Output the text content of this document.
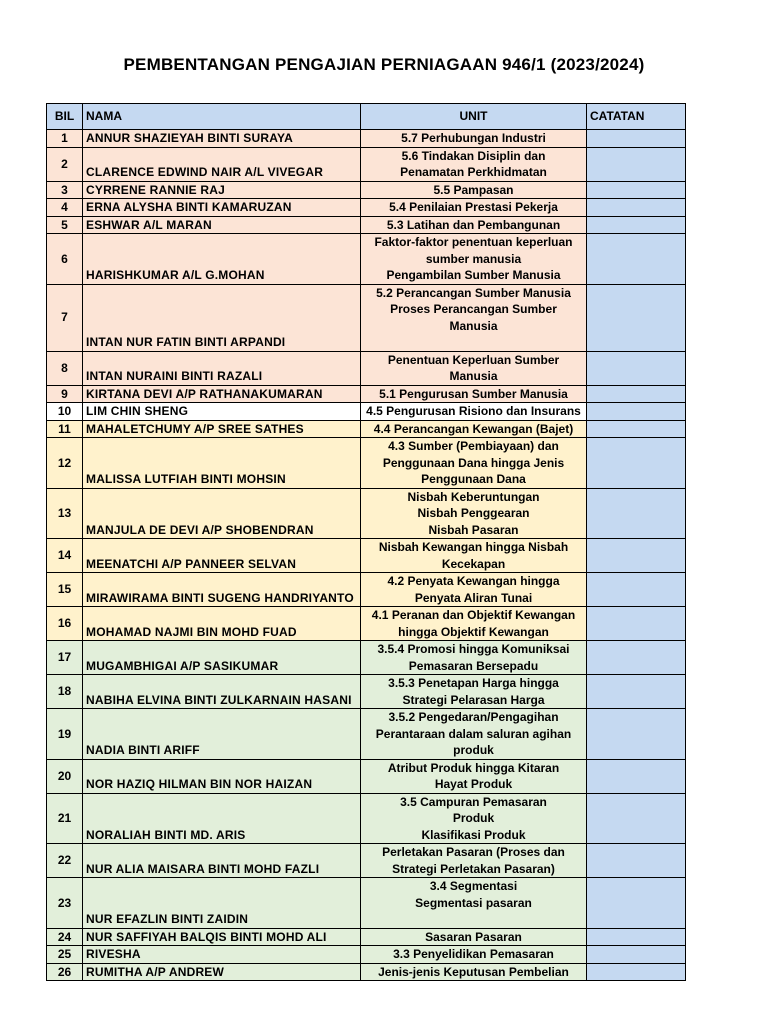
PEMBENTANGAN PENGAJIAN PERNIAGAAN 946/1 (2023/2024)
BIL	NAMA	UNIT	CATATAN
1	ANNUR SHAZIEYAH BINTI SURAYA	5.7 Perhubungan Industri	

2	CLARENCE EDWIND NAIR A/L VIVEGAR	5.6 Tindakan Disiplin dan
Penamatan Perkhidmatan	

3	CYRRENE RANNIE RAJ	5.5 Pampasan	

4	ERNA ALYSHA BINTI KAMARUZAN	5.4 Penilaian Prestasi Pekerja	

5	ESHWAR A/L MARAN	5.3 Latihan dan Pembangunan	

6	HARISHKUMAR A/L G.MOHAN	Faktor-faktor penentuan keperluan
sumber manusia
Pengambilan Sumber Manusia	

7	INTAN NUR FATIN BINTI ARPANDI	5.2 Perancangan Sumber Manusia
Proses Perancangan Sumber
Manusia	

8	INTAN NURAINI BINTI RAZALI	Penentuan Keperluan Sumber
Manusia	

9	KIRTANA DEVI A/P RATHANAKUMARAN	5.1 Pengurusan Sumber Manusia	

10	LIM CHIN SHENG	4.5 Pengurusan Risiono dan Insurans	

11	MAHALETCHUMY A/P SREE SATHES	4.4 Perancangan Kewangan (Bajet)	

12	MALISSA LUTFIAH BINTI MOHSIN	4.3 Sumber (Pembiayaan) dan
Penggunaan Dana hingga Jenis
Penggunaan Dana	

13	MANJULA DE DEVI A/P SHOBENDRAN	Nisbah Keberuntungan
Nisbah Penggearan
Nisbah Pasaran	

14	MEENATCHI A/P PANNEER SELVAN	Nisbah Kewangan hingga Nisbah
Kecekapan	

15	MIRAWIRAMA BINTI SUGENG HANDRIYANTO	4.2 Penyata Kewangan hingga
Penyata Aliran Tunai	

16	MOHAMAD NAJMI BIN MOHD FUAD	4.1 Peranan dan Objektif Kewangan
hingga Objektif Kewangan	

17	MUGAMBHIGAI A/P SASIKUMAR	3.5.4 Promosi hingga Komuniksai
Pemasaran Bersepadu	

18	NABIHA ELVINA BINTI ZULKARNAIN HASANI	3.5.3 Penetapan Harga hingga
Strategi Pelarasan Harga	

19	NADIA BINTI ARIFF	3.5.2 Pengedaran/Pengagihan
Perantaraan dalam saluran agihan
produk	

20	NOR HAZIQ HILMAN BIN NOR HAIZAN	Atribut Produk hingga Kitaran
Hayat Produk	

21	NORALIAH BINTI MD. ARIS	3.5 Campuran Pemasaran
Produk
Klasifikasi Produk	

22	NUR ALIA MAISARA BINTI MOHD FAZLI	Perletakan Pasaran (Proses dan
Strategi Perletakan Pasaran)	

23	NUR EFAZLIN BINTI ZAIDIN	3.4 Segmentasi
Segmentasi pasaran	

24	NUR SAFFIYAH BALQIS BINTI MOHD ALI	Sasaran Pasaran	

25	RIVESHA	3.3 Penyelidikan Pemasaran	

26	RUMITHA A/P ANDREW	Jenis-jenis Keputusan Pembelian	
